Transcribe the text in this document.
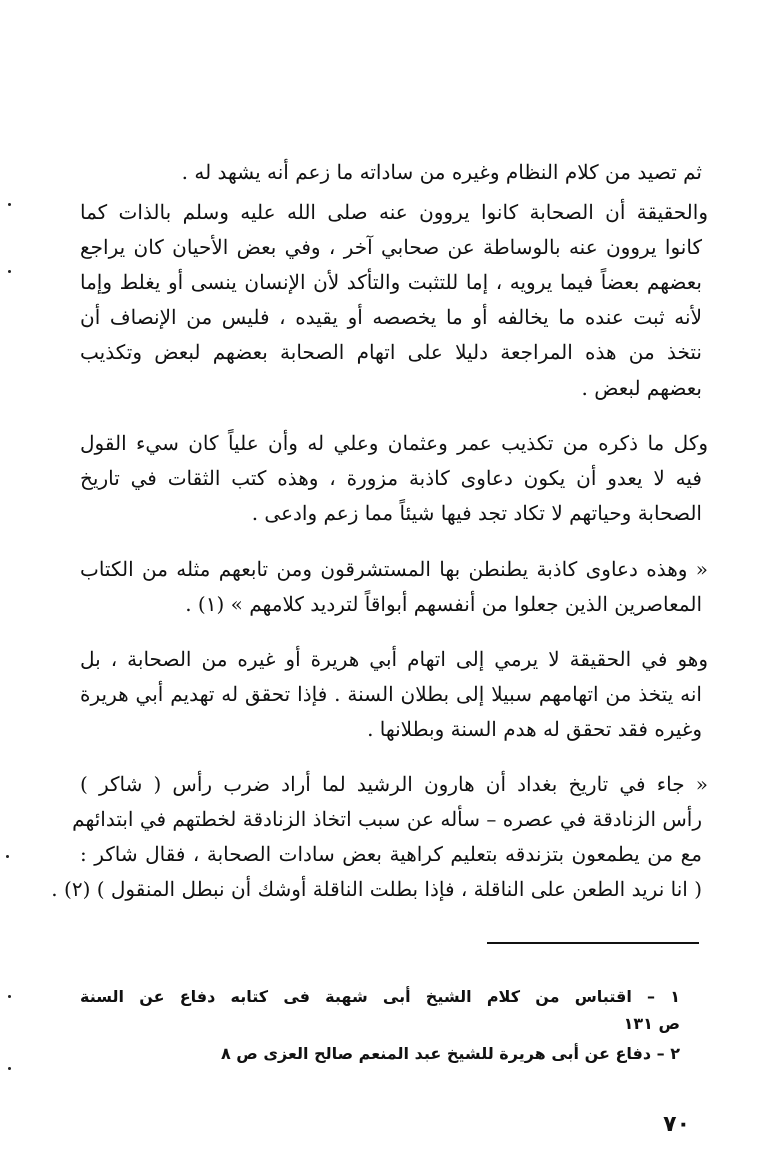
ثم تصيد من كلام النظام وغيره من ساداته ما زعم أنه يشهد له .
والحقيقة أن الصحابة كانوا يروون عنه صلى الله عليه وسلم بالذات كما
كانوا يروون عنه بالوساطة عن صحابي آخر ، وفي بعض الأحيان كان يراجع
بعضهم بعضاً فيما يرويه ، إما للتثبت والتأكد لأن الإنسان ينسى أو يغلط وإما
لأنه ثبت عنده ما يخالفه أو ما يخصصه أو يقيده ، فليس من الإنصاف أن
نتخذ من هذه المراجعة دليلا على اتهام الصحابة بعضهم لبعض وتكذيب
بعضهم لبعض .
وكل ما ذكره من تكذيب عمر وعثمان وعلي له وأن علياً كان سيء القول
فيه لا يعدو أن يكون دعاوى كاذبة مزورة ، وهذه كتب الثقات في تاريخ
الصحابة وحياتهم لا تكاد تجد فيها شيئاً مما زعم وادعى .
« وهذه دعاوى كاذبة يطنطن بها المستشرقون ومن تابعهم مثله من الكتاب
المعاصرين الذين جعلوا من أنفسهم أبواقاً لترديد كلامهم » (١) .
وهو في الحقيقة لا يرمي إلى اتهام أبي هريرة أو غيره من الصحابة ، بل
انه يتخذ من اتهامهم سبيلا إلى بطلان السنة . فإذا تحقق له تهديم أبي هريرة
وغيره فقد تحقق له هدم السنة وبطلانها .
« جاء في تاريخ بغداد أن هارون الرشيد لما أراد ضرب رأس ( شاكر )
رأس الزنادقة في عصره – سأله عن سبب اتخاذ الزنادقة لخطتهم في ابتدائهم
مع من يطمعون بتزندقه بتعليم كراهية بعض سادات الصحابة ، فقال شاكر :
( انا نريد الطعن على الناقلة ، فإذا بطلت الناقلة أوشك أن نبطل المنقول ) (٢) .
١ – اقتباس من كلام الشيخ أبى شهبة فى كتابه دفاع عن السنة
ص ١٣١
٢ – دفاع عن أبى هريرة للشيخ عبد المنعم صالح العزى ص ٨
٧٠
